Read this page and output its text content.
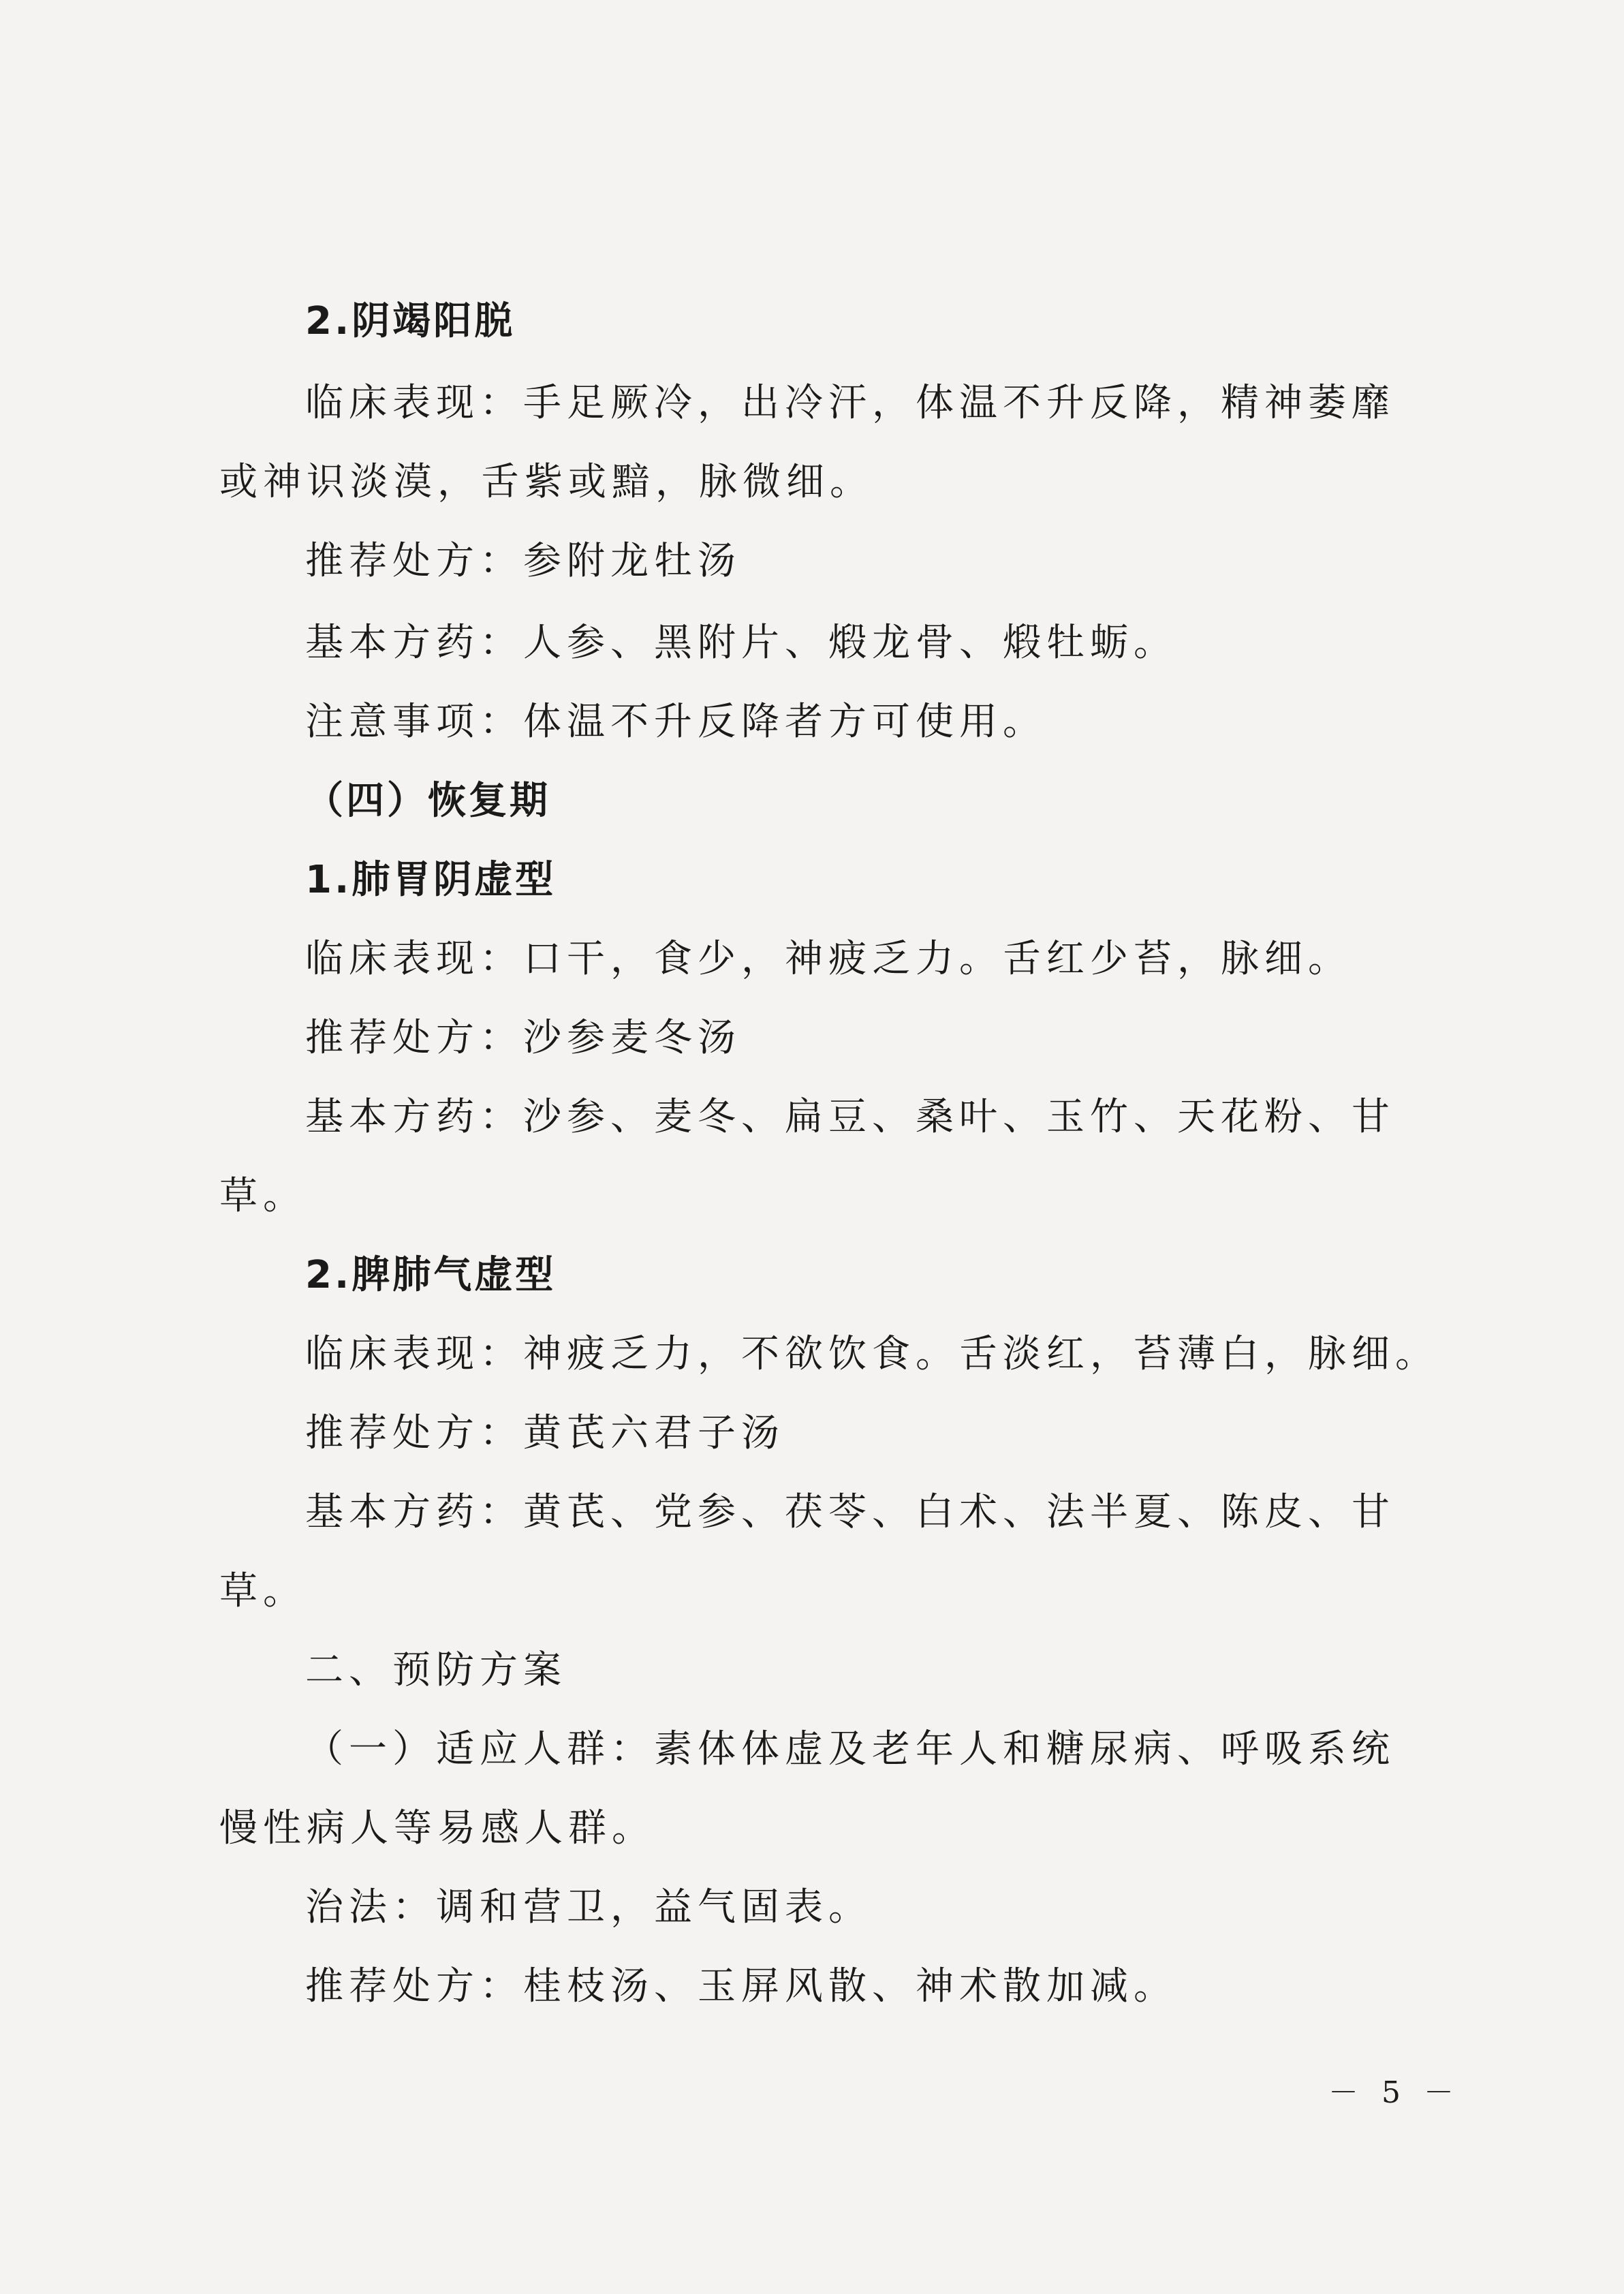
2.阴竭阳脱
临床表现：手足厥冷，出冷汗，体温不升反降，精神萎靡
或神识淡漠，舌紫或黯，脉微细。
推荐处方：参附龙牡汤
基本方药：人参、黑附片、煅龙骨、煅牡蛎。
注意事项：体温不升反降者方可使用。
（四）恢复期
1.肺胃阴虚型
临床表现：口干，食少，神疲乏力。舌红少苔，脉细。
推荐处方：沙参麦冬汤
基本方药：沙参、麦冬、扁豆、桑叶、玉竹、天花粉、甘
草。
2.脾肺气虚型
临床表现：神疲乏力，不欲饮食。舌淡红，苔薄白，脉细。
推荐处方：黄芪六君子汤
基本方药：黄芪、党参、茯苓、白术、法半夏、陈皮、甘
草。
二、预防方案
（一）适应人群：素体体虚及老年人和糖尿病、呼吸系统
慢性病人等易感人群。
治法：调和营卫，益气固表。
推荐处方：桂枝汤、玉屏风散、神术散加减。
－ 5 －
